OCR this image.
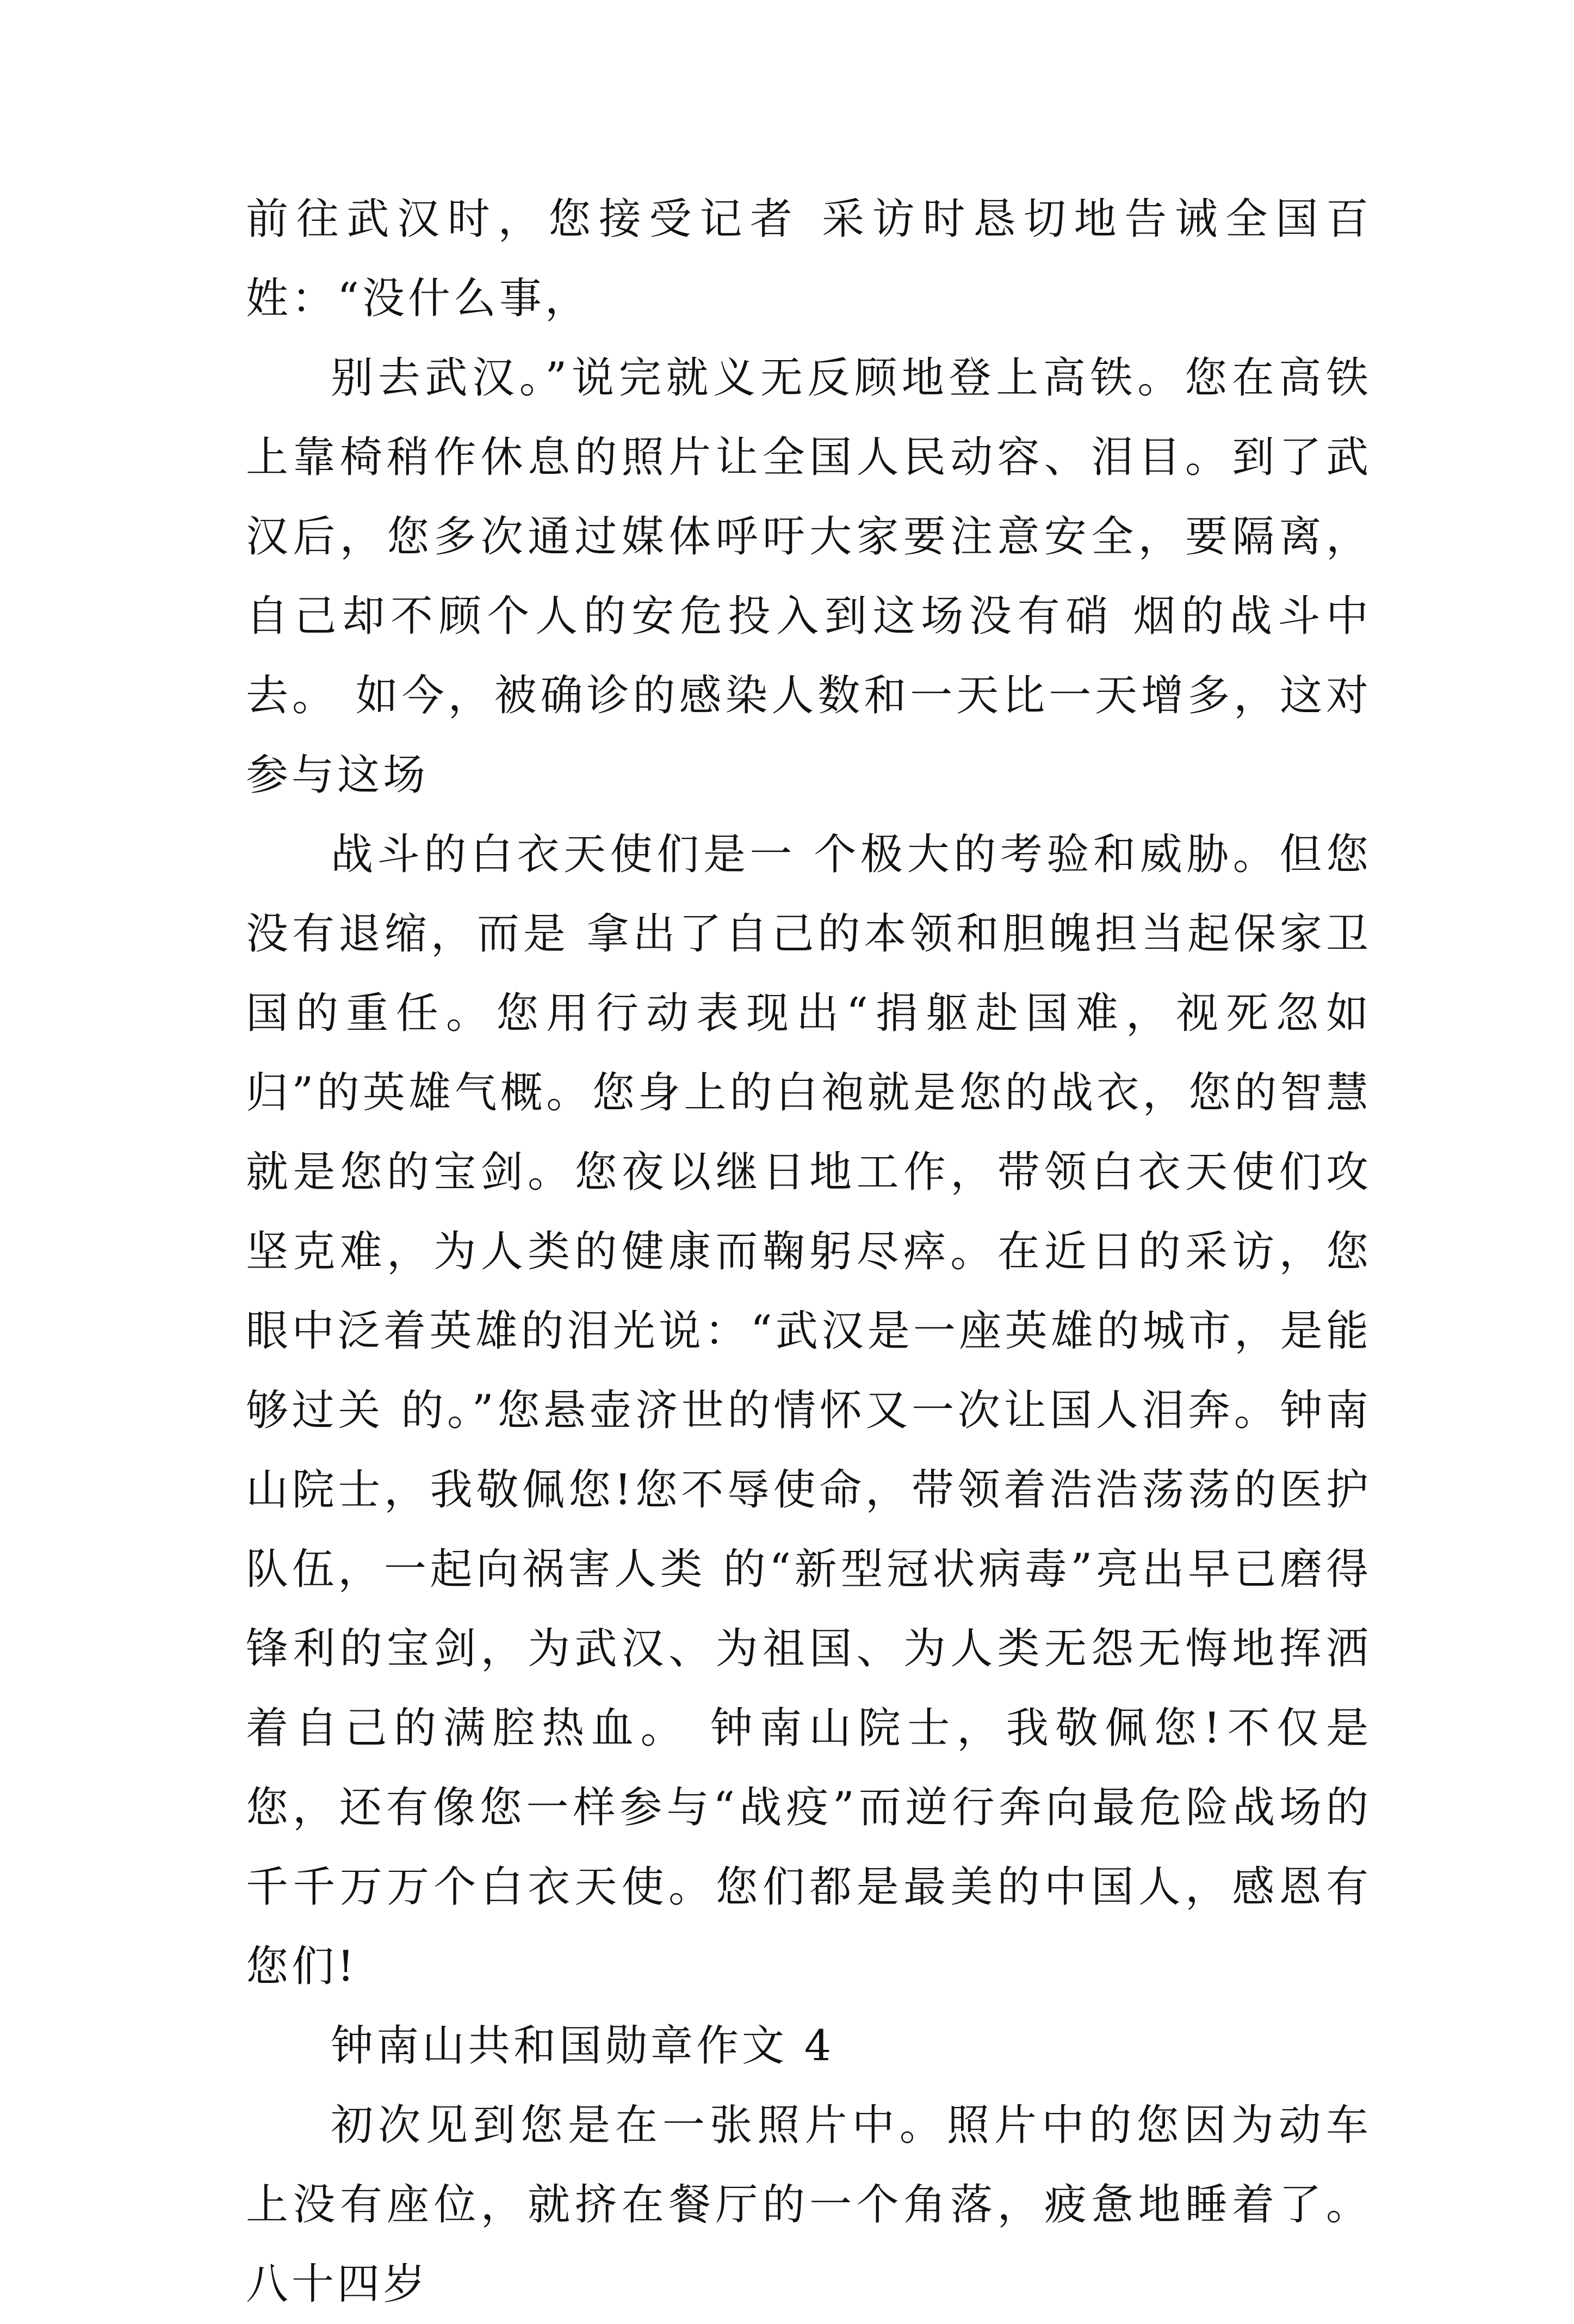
前往武汉时，您接受记者 采访时恳切地告诫全国百姓：“没什么事，

别去武汉。”说完就义无反顾地登上高铁。您在高铁上靠椅稍作休息的照片让全国人民动容、泪目。到了武汉后，您多次通过媒体呼吁大家要注意安全，要隔离，自己却不顾个人的安危投入到这场没有硝 烟的战斗中去。 如今，被确诊的感染人数和一天比一天增多，这对参与这场

战斗的白衣天使们是一 个极大的考验和威胁。但您没有退缩，而是 拿出了自己的本领和胆魄担当起保家卫国的重任。您用行动表现出“捐躯赴国难，视死忽如归”的英雄气概。您身上的白袍就是您的战衣，您的智慧就是您的宝剑。您夜以继日地工作，带领白衣天使们攻坚克难，为人类的健康而鞠躬尽瘁。在近日的采访，您眼中泛着英雄的泪光说：“武汉是一座英雄的城市，是能够过关 的。”您悬壶济世的情怀又一次让国人泪奔。钟南山院士，我敬佩您!您不辱使命，带领着浩浩荡荡的医护队伍，一起向祸害人类 的“新型冠状病毒”亮出早已磨得锋利的宝剑，为武汉、为祖国、为人类无怨无悔地挥洒着自己的满腔热血。 钟南山院士，我敬佩您!不仅是您，还有像您一样参与“战疫”而逆行奔向最危险战场的千千万万个白衣天使。您们都是最美的中国人，感恩有您们!

钟南山共和国勋章作文 4

初次见到您是在一张照片中。照片中的您因为动车上没有座位，就挤在餐厅的一个角落，疲惫地睡着了。八十四岁
